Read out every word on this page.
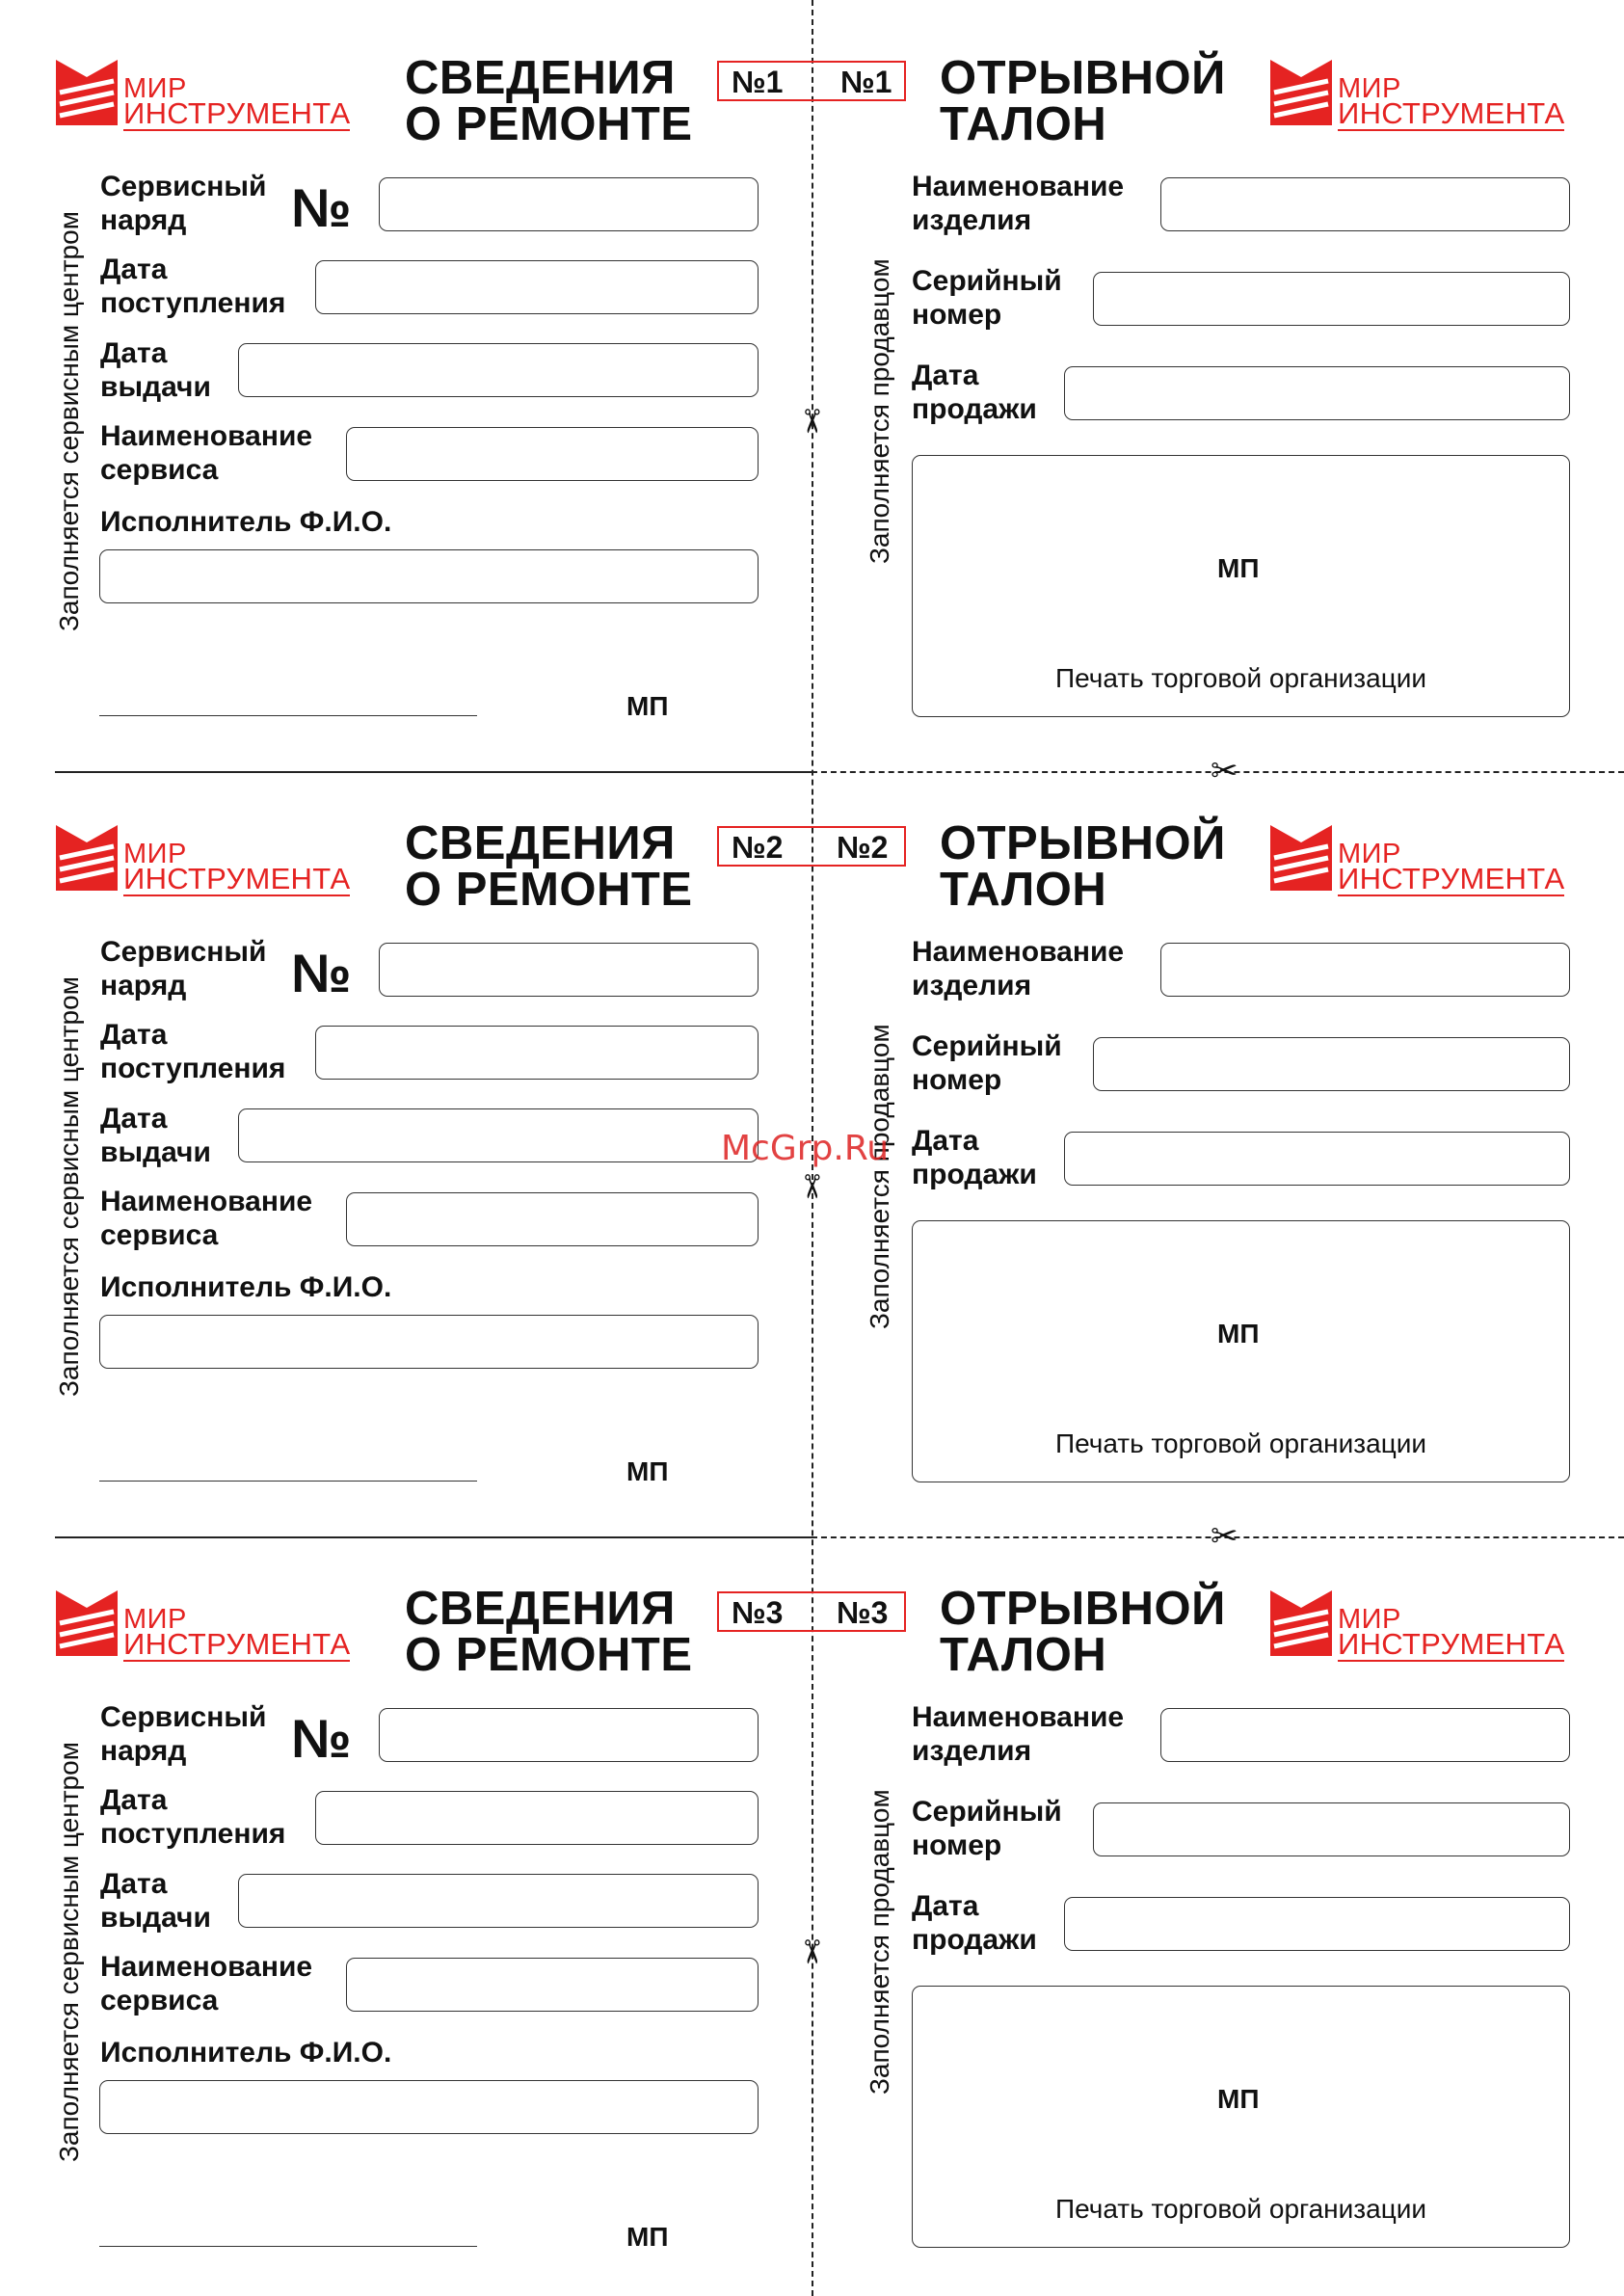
✂
✂
МИР
ИНСТРУМЕНТА
СВЕДЕНИЯ
О РЕМОНТЕ
№1 №1 ОТРЫВНОЙ
ТАЛОН
МИР
ИНСТРУМЕНТА
Заполняется сервисным центром
Сервисный
наряд	№
Дата
поступления
Дата
выдачи
Наименование
сервиса
Исполнитель Ф.И.О.
МП
✂ Заполняется продавцом
Наименование
изделия
Серийный
номер
Дата
продажи
МП
Печать торговой организации
МИР
ИНСТРУМЕНТА
СВЕДЕНИЯ
О РЕМОНТЕ
№2 №2 ОТРЫВНОЙ
ТАЛОН
МИР
ИНСТРУМЕНТА
Заполняется сервисным центром
Сервисный
наряд	№
Дата
поступления
Дата
выдачи
Наименование
сервиса
Исполнитель Ф.И.О.
МП
✂ Заполняется продавцом
Наименование
изделия
Серийный
номер
Дата
продажи
МП
Печать торговой организации
МИР
ИНСТРУМЕНТА
СВЕДЕНИЯ
О РЕМОНТЕ
№3 №3 ОТРЫВНОЙ
ТАЛОН
МИР
ИНСТРУМЕНТА
Заполняется сервисным центром
Сервисный
наряд	№
Дата
поступления
Дата
выдачи
Наименование
сервиса
Исполнитель Ф.И.О.
МП
✂ Заполняется продавцом
Наименование
изделия
Серийный
номер
Дата
продажи
МП
Печать торговой организации
McGrp.Ru
